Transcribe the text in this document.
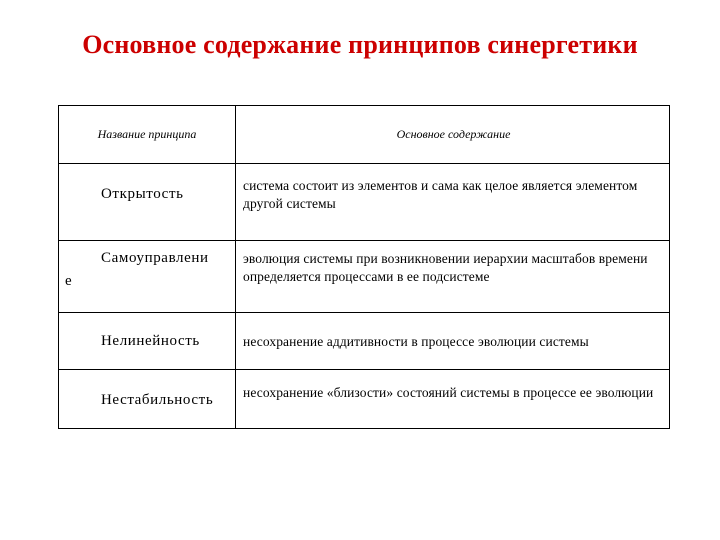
Основное содержание принципов синергетики
Название принципа	Основное содержание
Открытость
система состоит из элементов и сама как целое является элементом другой системы
Самоуправлени
е
эволюция системы при возникновении иерархии масштабов времени определяется процессами в ее подсистеме
Нелинейность	несохранение аддитивности в процессе эволюции системы
Нестабильность несохранение «близости» состояний системы в процессе ее эволюции
